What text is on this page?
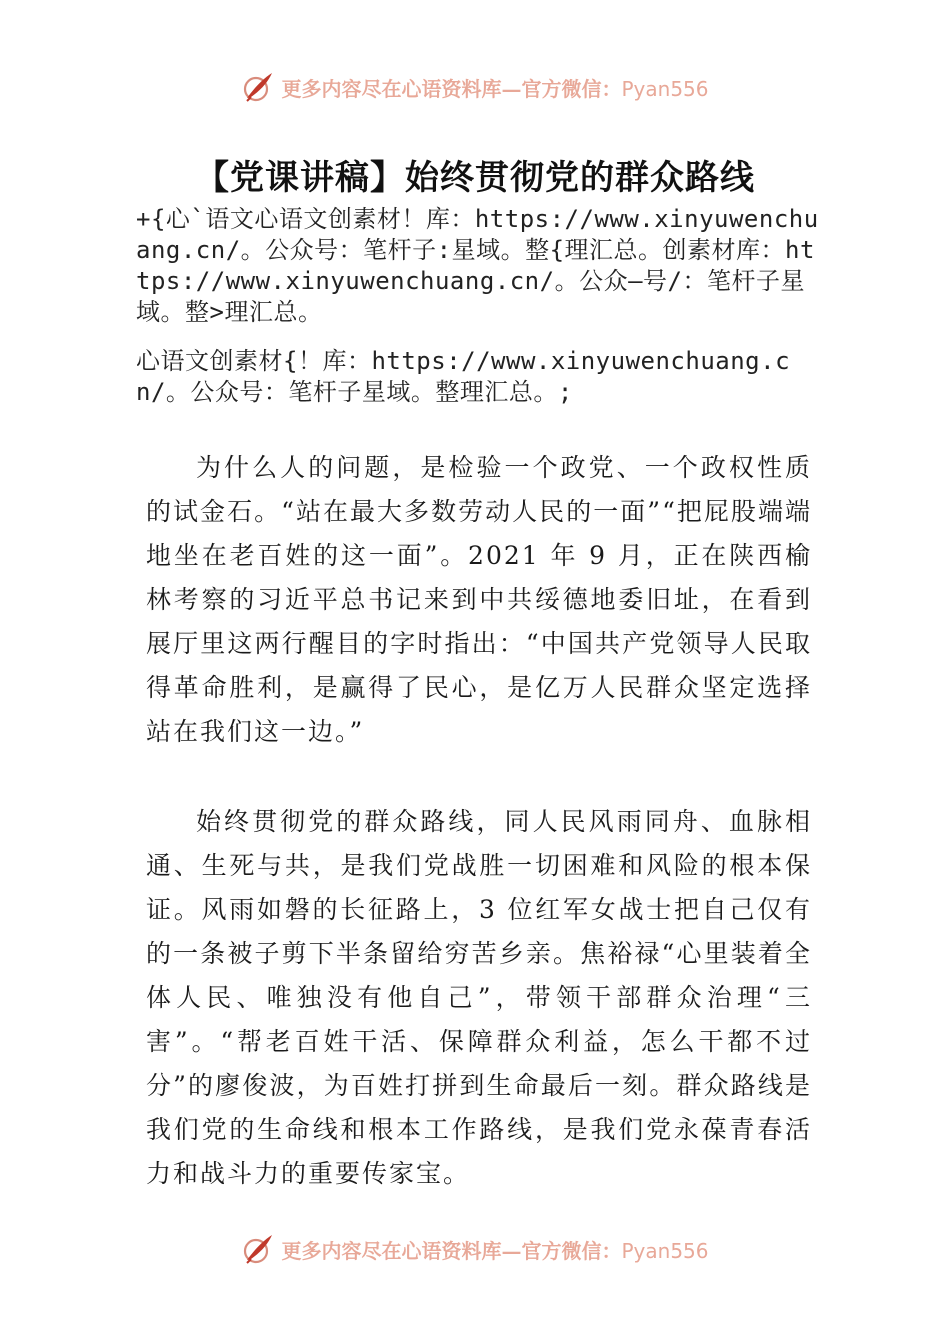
更多内容尽在心语资料库—官方微信：Pyan556
【党课讲稿】始终贯彻党的群众路线
+{心`语文心语文创素材！库：https://www.xinyuwenchuang.cn/。公众号：笔杆子:星域。整{理汇总。创素材库：https://www.xinyuwenchuang.cn/。公众—号/：笔杆子星域。整>理汇总。
心语文创素材{！库：https://www.xinyuwenchuang.cn/。公众号：笔杆子星域。整理汇总。;

为什么人的问题，是检验一个政党、一个政权性质的试金石。“站在最大多数劳动人民的一面”“把屁股端端地坐在老百姓的这一面”。2021 年 9 月，正在陕西榆林考察的习近平总书记来到中共绥德地委旧址，在看到展厅里这两行醒目的字时指出：“中国共产党领导人民取得革命胜利，是赢得了民心，是亿万人民群众坚定选择站在我们这一边。”

始终贯彻党的群众路线，同人民风雨同舟、血脉相通、生死与共，是我们党战胜一切困难和风险的根本保证。风雨如磐的长征路上，3 位红军女战士把自己仅有的一条被子剪下半条留给穷苦乡亲。焦裕禄“心里装着全体人民、唯独没有他自己”，带领干部群众治理“三害”。“帮老百姓干活、保障群众利益，怎么干都不过分”的廖俊波，为百姓打拼到生命最后一刻。群众路线是我们党的生命线和根本工作路线，是我们党永葆青春活力和战斗力的重要传家宝。

更多内容尽在心语资料库—官方微信：Pyan556
